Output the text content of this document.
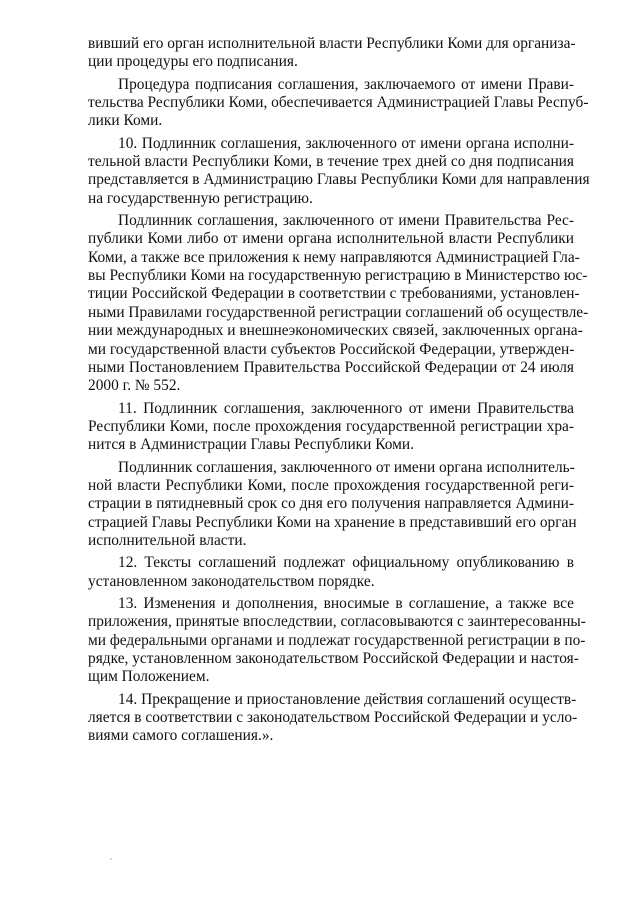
вивший его орган исполнительной власти Республики Коми для организа-
ции процедуры его подписания.
Процедура подписания соглашения, заключаемого от имени Прави-
тельства Республики Коми, обеспечивается Администрацией Главы Респуб-
лики Коми.
10. Подлинник соглашения, заключенного от имени органа исполни-
тельной власти Республики Коми, в течение трех дней со дня подписания
представляется в Администрацию Главы Республики Коми для направления
на государственную регистрацию.
Подлинник соглашения, заключенного от имени Правительства Рес-
публики Коми либо от имени органа исполнительной власти Республики
Коми, а также все приложения к нему направляются Администрацией Гла-
вы Республики Коми на государственную регистрацию в Министерство юс-
тиции Российской Федерации в соответствии с требованиями, установлен-
ными Правилами государственной регистрации соглашений об осуществле-
нии международных и внешнеэкономических связей, заключенных органа-
ми государственной власти субъектов Российской Федерации, утвержден-
ными Постановлением Правительства Российской Федерации от 24 июля
2000 г. № 552.
11. Подлинник соглашения, заключенного от имени Правительства
Республики Коми, после прохождения государственной регистрации хра-
нится в Администрации Главы Республики Коми.
Подлинник соглашения, заключенного от имени органа исполнитель-
ной власти Республики Коми, после прохождения государственной реги-
страции в пятидневный срок со дня его получения направляется Админи-
страцией Главы Республики Коми на хранение в представивший его орган
исполнительной власти.
12. Тексты соглашений подлежат официальному опубликованию в
установленном законодательством порядке.
13. Изменения и дополнения, вносимые в соглашение, а также все
приложения, принятые впоследствии, согласовываются с заинтересованны-
ми федеральными органами и подлежат государственной регистрации в по-
рядке, установленном законодательством Российской Федерации и настоя-
щим Положением.
14. Прекращение и приостановление действия соглашений осуществ-
ляется в соответствии с законодательством Российской Федерации и усло-
виями самого соглашения.».
